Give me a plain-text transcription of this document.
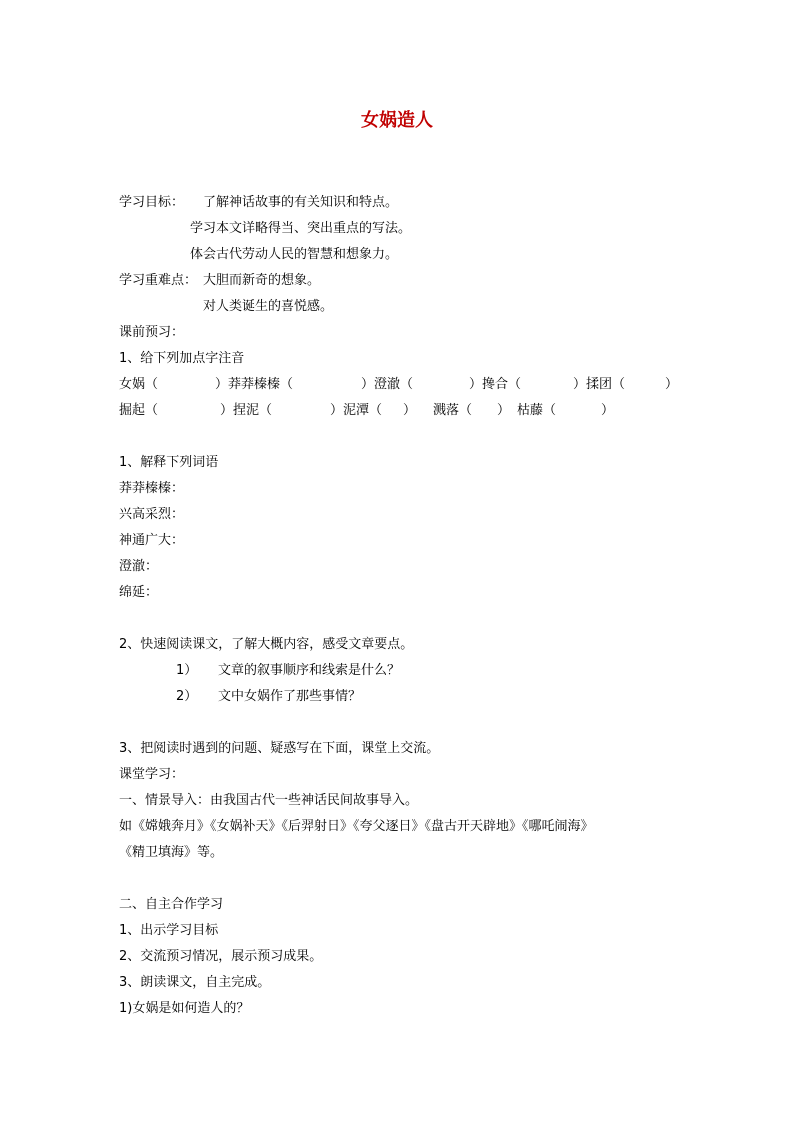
女娲造人
学习目标： 了解神话故事的有关知识和特点。
学习本文详略得当、突出重点的写法。
体会古代劳动人民的智慧和想象力。
学习重难点： 大胆而新奇的想象。
对人类诞生的喜悦感。
课前预习：
1、给下列加点字注音
女娲（	）莽莽榛榛（	）澄澈（	）搀合（	）揉团（	）
掘起（	）捏泥（	）泥潭（ ） 溅落（ ） 枯藤（	）
1、解释下列词语
莽莽榛榛：
兴高采烈：
神通广大：
澄澈：
绵延：
2、快速阅读课文，了解大概内容，感受文章要点。
1） 文章的叙事顺序和线索是什么？
2） 文中女娲作了那些事情？
3、把阅读时遇到的问题、疑惑写在下面，课堂上交流。
课堂学习：
一、情景导入：由我国古代一些神话民间故事导入。
如《嫦娥奔月》《女娲补天》《后羿射日》《夸父逐日》《盘古开天辟地》《哪吒闹海》
《精卫填海》等。
二、自主合作学习
1、出示学习目标
2、交流预习情况，展示预习成果。
3、朗读课文，自主完成。
1)女娲是如何造人的？
